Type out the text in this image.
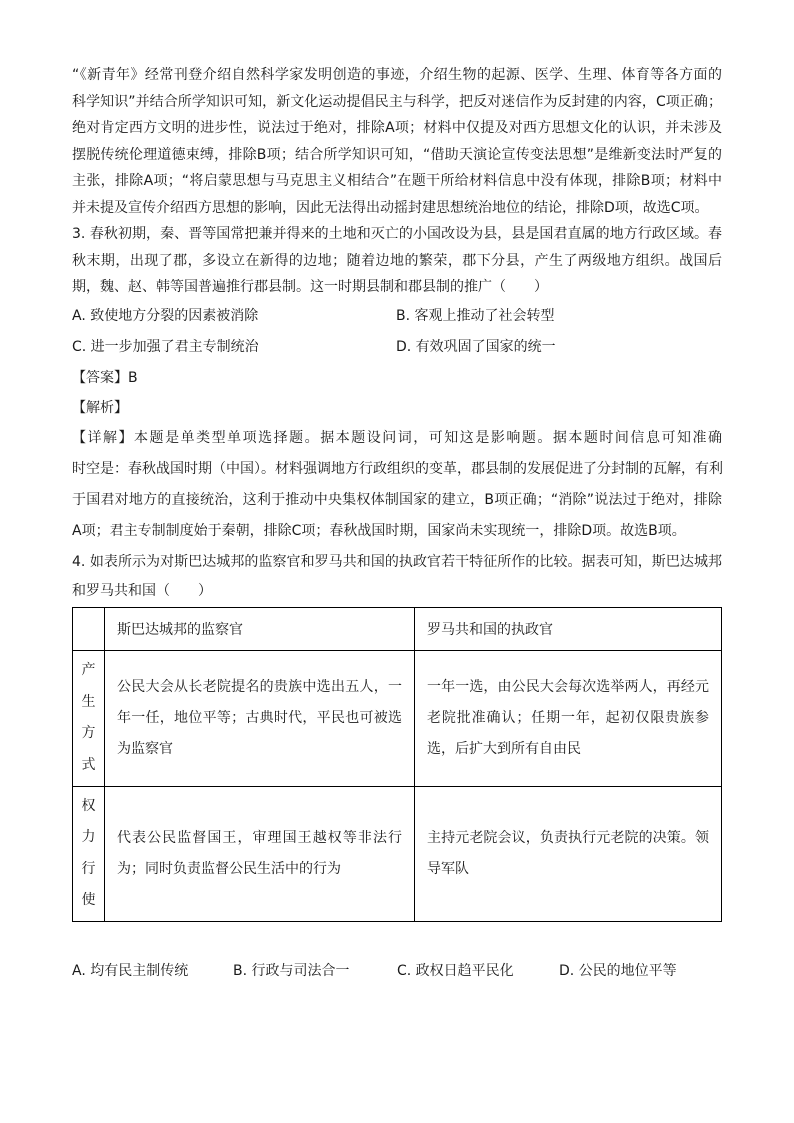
“《新青年》经常刊登介绍自然科学家发明创造的事迹，介绍生物的起源、医学、生理、体育等各方面的
科学知识”并结合所学知识可知，新文化运动提倡民主与科学，把反对迷信作为反封建的内容，C项正确；
绝对肯定西方文明的进步性，说法过于绝对，排除A项；材料中仅提及对西方思想文化的认识，并未涉及
摆脱传统伦理道德束缚，排除B项；结合所学知识可知，“借助天演论宣传变法思想”是维新变法时严复的
主张，排除A项；“将启蒙思想与马克思主义相结合”在题干所给材料信息中没有体现，排除B项；材料中
并未提及宣传介绍西方思想的影响，因此无法得出动摇封建思想统治地位的结论，排除D项，故选C项。
3. 春秋初期，秦、晋等国常把兼并得来的土地和灭亡的小国改设为县，县是国君直属的地方行政区域。春
秋末期，出现了郡，多设立在新得的边地；随着边地的繁荣，郡下分县，产生了两级地方组织。战国后
期，魏、赵、韩等国普遍推行郡县制。这一时期县制和郡县制的推广（　　）
A. 致使地方分裂的因素被消除	B. 客观上推动了社会转型
C. 进一步加强了君主专制统治	D. 有效巩固了国家的统一
【答案】B
【解析】
【详解】本题是单类型单项选择题。据本题设问词，可知这是影响题。据本题时间信息可知准确
时空是：春秋战国时期（中国）。材料强调地方行政组织的变革，郡县制的发展促进了分封制的瓦解，有利
于国君对地方的直接统治，这利于推动中央集权体制国家的建立，B项正确；“消除”说法过于绝对，排除
A项；君主专制制度始于秦朝，排除C项；春秋战国时期，国家尚未实现统一，排除D项。故选B项。
4. 如表所示为对斯巴达城邦的监察官和罗马共和国的执政官若干特征所作的比较。据表可知，斯巴达城邦
和罗马共和国（　　）
	斯巴达城邦的监察官	罗马共和国的执政官
产生方式	公民大会从长老院提名的贵族中选出五人，一年一任，地位平等；古典时代，平民也可被选为监察官	一年一选，由公民大会每次选举两人，再经元老院批准确认；任期一年，起初仅限贵族参选，后扩大到所有自由民
权力行使	代表公民监督国王，审理国王越权等非法行为；同时负责监督公民生活中的行为	主持元老院会议，负责执行元老院的决策。领导军队
A. 均有民主制传统	B. 行政与司法合一	C. 政权日趋平民化	D. 公民的地位平等
